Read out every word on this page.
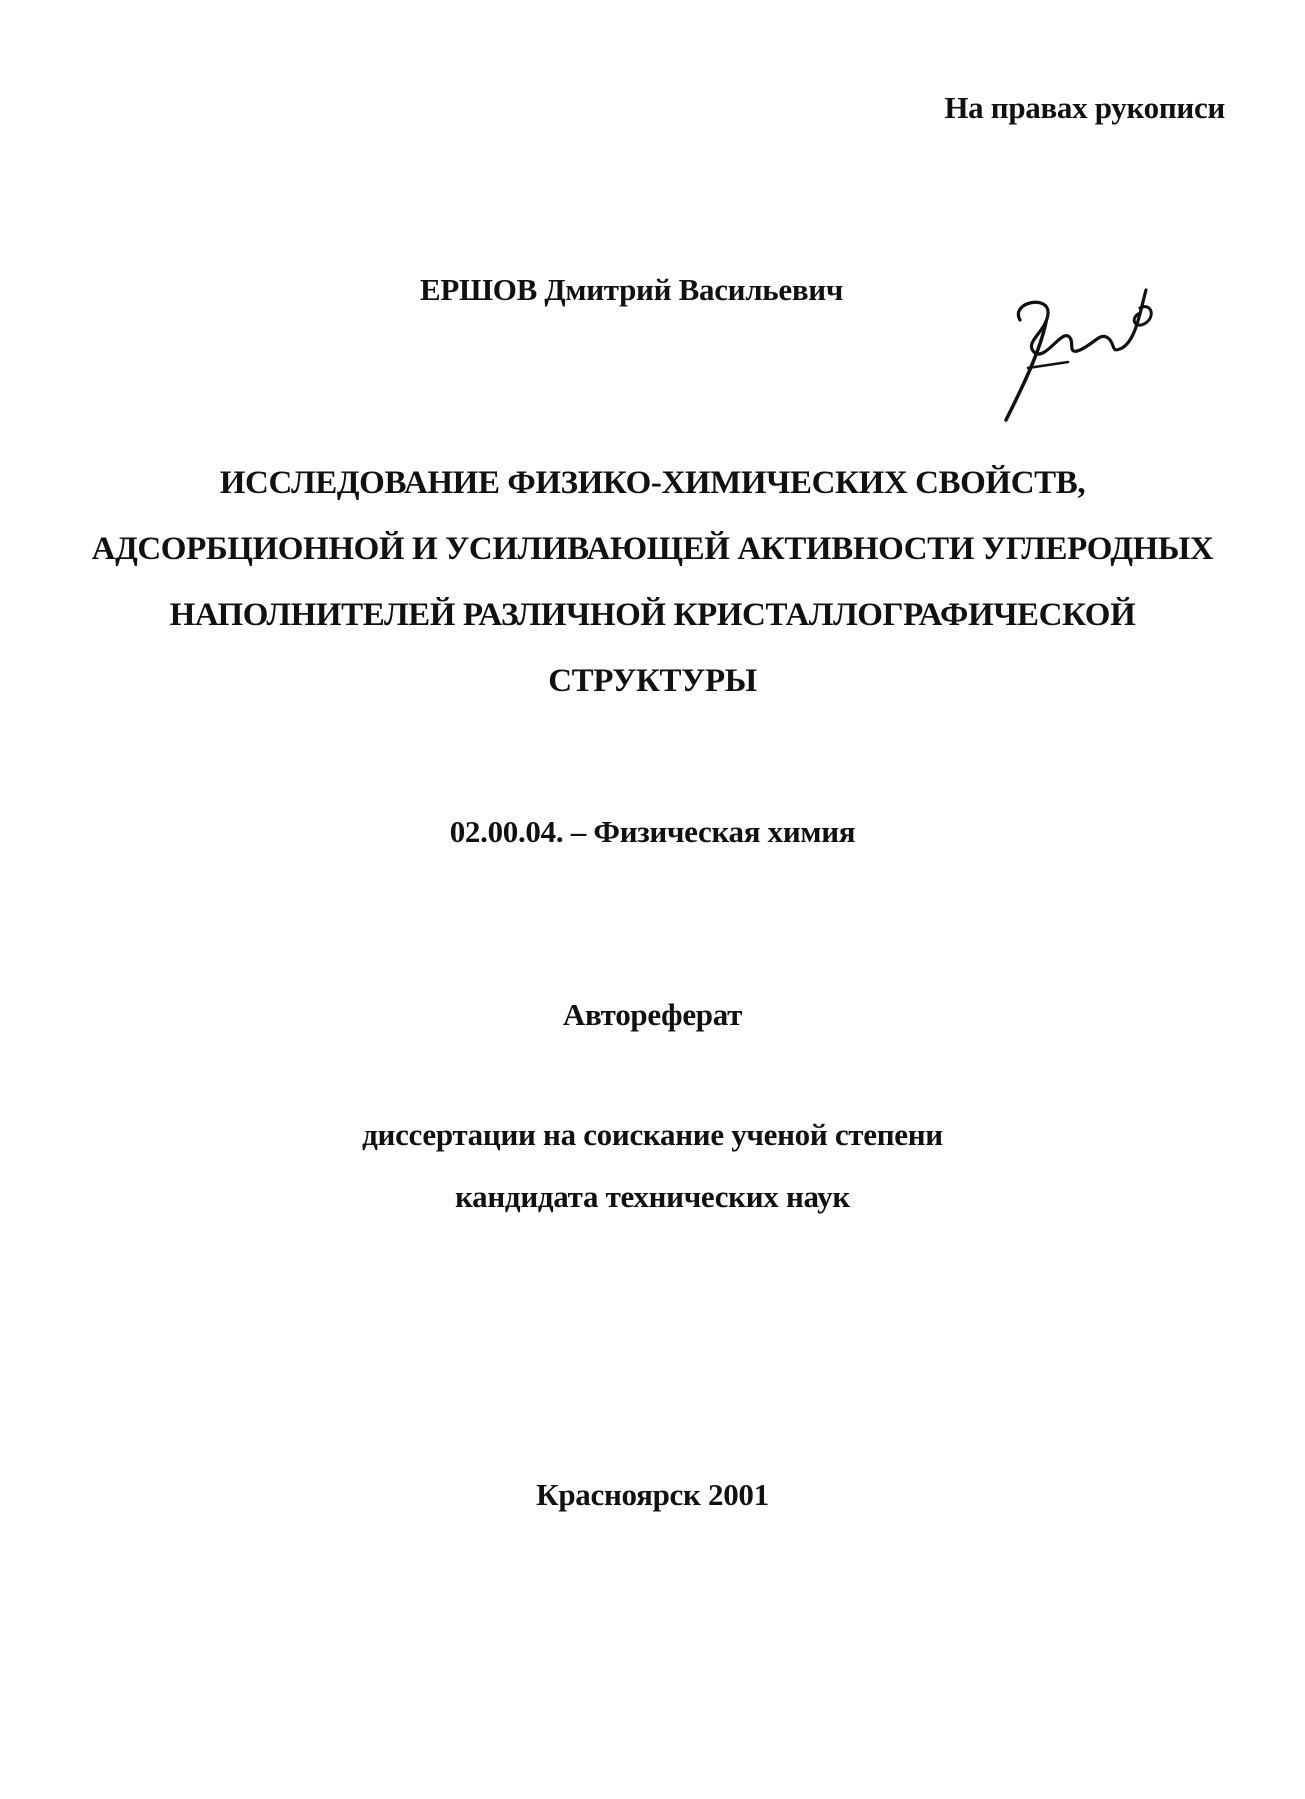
На правах рукописи
ЕРШОВ Дмитрий Васильевич
ИССЛЕДОВАНИЕ ФИЗИКО-ХИМИЧЕСКИХ СВОЙСТВ,
АДСОРБЦИОННОЙ И УСИЛИВАЮЩЕЙ АКТИВНОСТИ УГЛЕРОДНЫХ
НАПОЛНИТЕЛЕЙ РАЗЛИЧНОЙ КРИСТАЛЛОГРАФИЧЕСКОЙ
СТРУКТУРЫ
02.00.04. – Физическая химия
Автореферат
диссертации на соискание ученой степени
кандидата технических наук
Красноярск 2001
